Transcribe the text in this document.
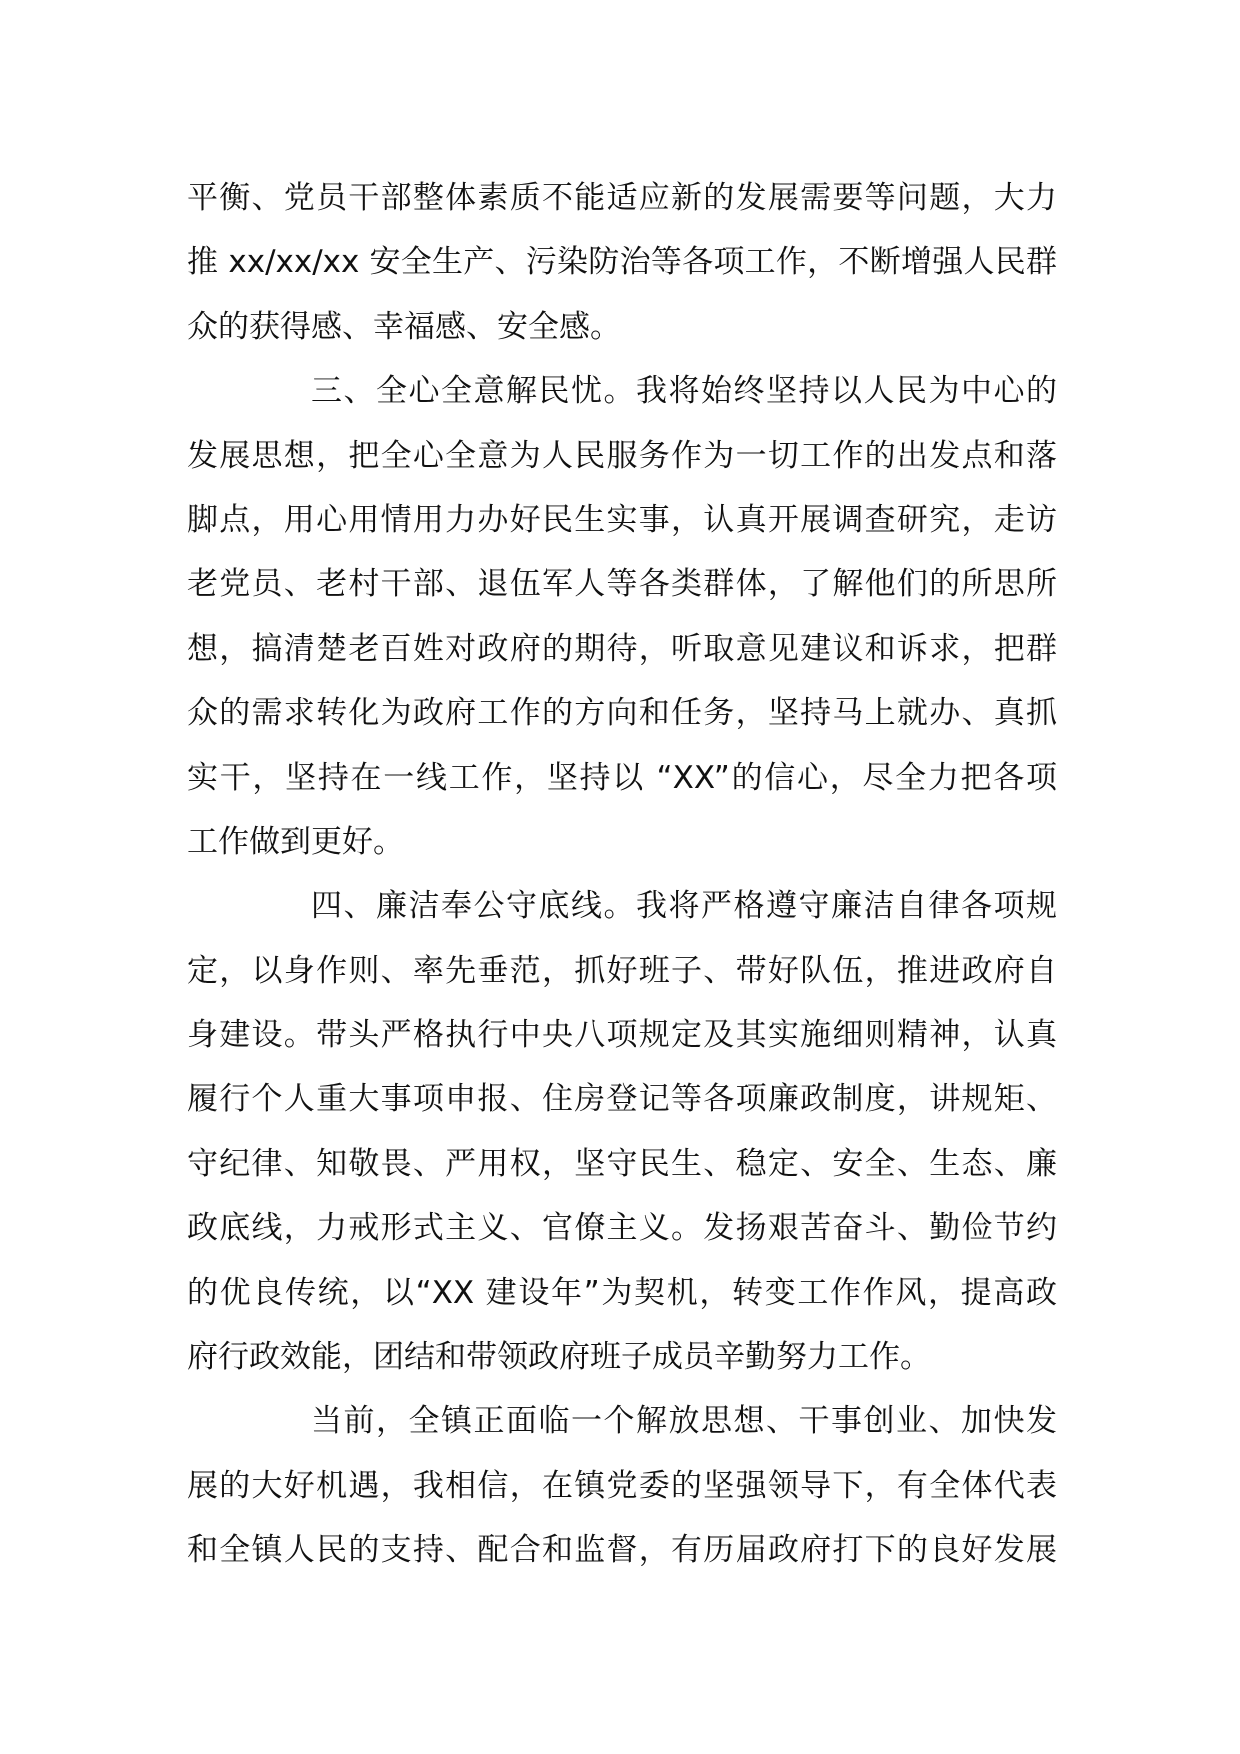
平衡、党员干部整体素质不能适应新的发展需要等问题，大力
推 xx/xx/xx 安全生产、污染防治等各项工作，不断增强人民群
众的获得感、幸福感、安全感。
三、全心全意解民忧。我将始终坚持以人民为中心的
发展思想，把全心全意为人民服务作为一切工作的出发点和落
脚点，用心用情用力办好民生实事，认真开展调查研究，走访
老党员、老村干部、退伍军人等各类群体，了解他们的所思所
想，搞清楚老百姓对政府的期待，听取意见建议和诉求，把群
众的需求转化为政府工作的方向和任务，坚持马上就办、真抓
实干，坚持在一线工作，坚持以 “XX”的信心，尽全力把各项
工作做到更好。
四、廉洁奉公守底线。我将严格遵守廉洁自律各项规
定，以身作则、率先垂范，抓好班子、带好队伍，推进政府自
身建设。带头严格执行中央八项规定及其实施细则精神，认真
履行个人重大事项申报、住房登记等各项廉政制度，讲规矩、
守纪律、知敬畏、严用权，坚守民生、稳定、安全、生态、廉
政底线，力戒形式主义、官僚主义。发扬艰苦奋斗、勤俭节约
的优良传统，以“XX 建设年”为契机，转变工作作风，提高政
府行政效能，团结和带领政府班子成员辛勤努力工作。
当前，全镇正面临一个解放思想、干事创业、加快发
展的大好机遇，我相信，在镇党委的坚强领导下，有全体代表
和全镇人民的支持、配合和监督，有历届政府打下的良好发展
